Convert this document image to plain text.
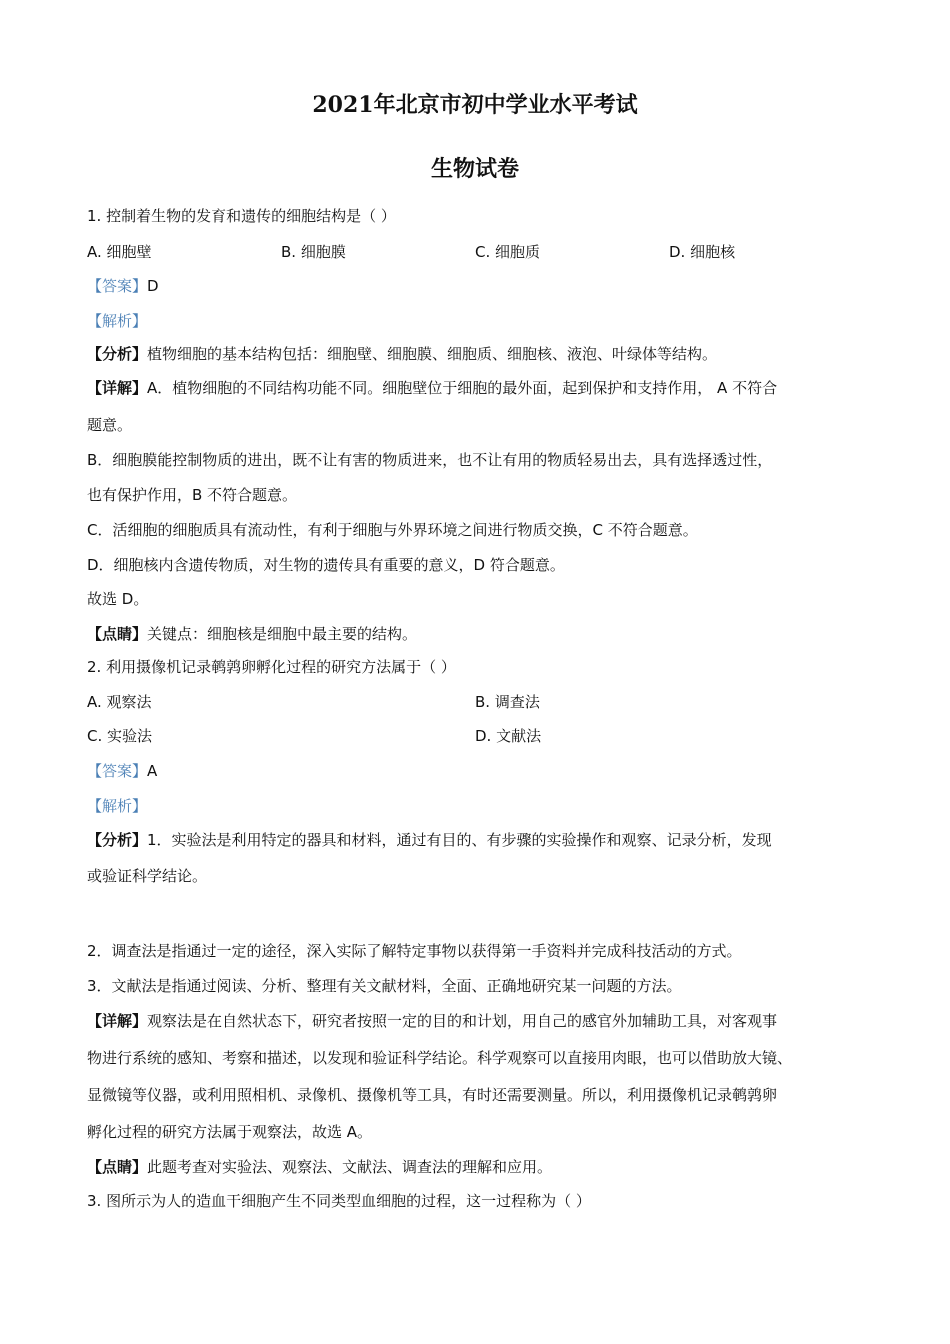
2021年北京市初中学业水平考试
生物试卷
1. 控制着生物的发育和遗传的细胞结构是（ ）
A. 细胞壁	B. 细胞膜	C. 细胞质	D. 细胞核
【答案】D
【解析】
【分析】植物细胞的基本结构包括：细胞壁、细胞膜、细胞质、细胞核、液泡、叶绿体等结构。
【详解】A．植物细胞的不同结构功能不同。细胞壁位于细胞的最外面，起到保护和支持作用， A 不符合
题意。
B．细胞膜能控制物质的进出，既不让有害的物质进来，也不让有用的物质轻易出去，具有选择透过性，
也有保护作用，B 不符合题意。
C．活细胞的细胞质具有流动性，有利于细胞与外界环境之间进行物质交换，C 不符合题意。
D．细胞核内含遗传物质，对生物的遗传具有重要的意义，D 符合题意。
故选 D。
【点睛】关键点：细胞核是细胞中最主要的结构。
2. 利用摄像机记录鹌鹑卵孵化过程的研究方法属于（ ）
A. 观察法	B. 调查法
C. 实验法	D. 文献法
【答案】A
【解析】
【分析】1．实验法是利用特定的器具和材料，通过有目的、有步骤的实验操作和观察、记录分析，发现
或验证科学结论。
2．调查法是指通过一定的途径，深入实际了解特定事物以获得第一手资料并完成科技活动的方式。
3．文献法是指通过阅读、分析、整理有关文献材料，全面、正确地研究某一问题的方法。
【详解】观察法是在自然状态下，研究者按照一定的目的和计划，用自己的感官外加辅助工具，对客观事
物进行系统的感知、考察和描述，以发现和验证科学结论。科学观察可以直接用肉眼，也可以借助放大镜、
显微镜等仪器，或利用照相机、录像机、摄像机等工具，有时还需要测量。所以，利用摄像机记录鹌鹑卵
孵化过程的研究方法属于观察法，故选 A。
【点睛】此题考查对实验法、观察法、文献法、调查法的理解和应用。
3. 图所示为人的造血干细胞产生不同类型血细胞的过程，这一过程称为（ ）
